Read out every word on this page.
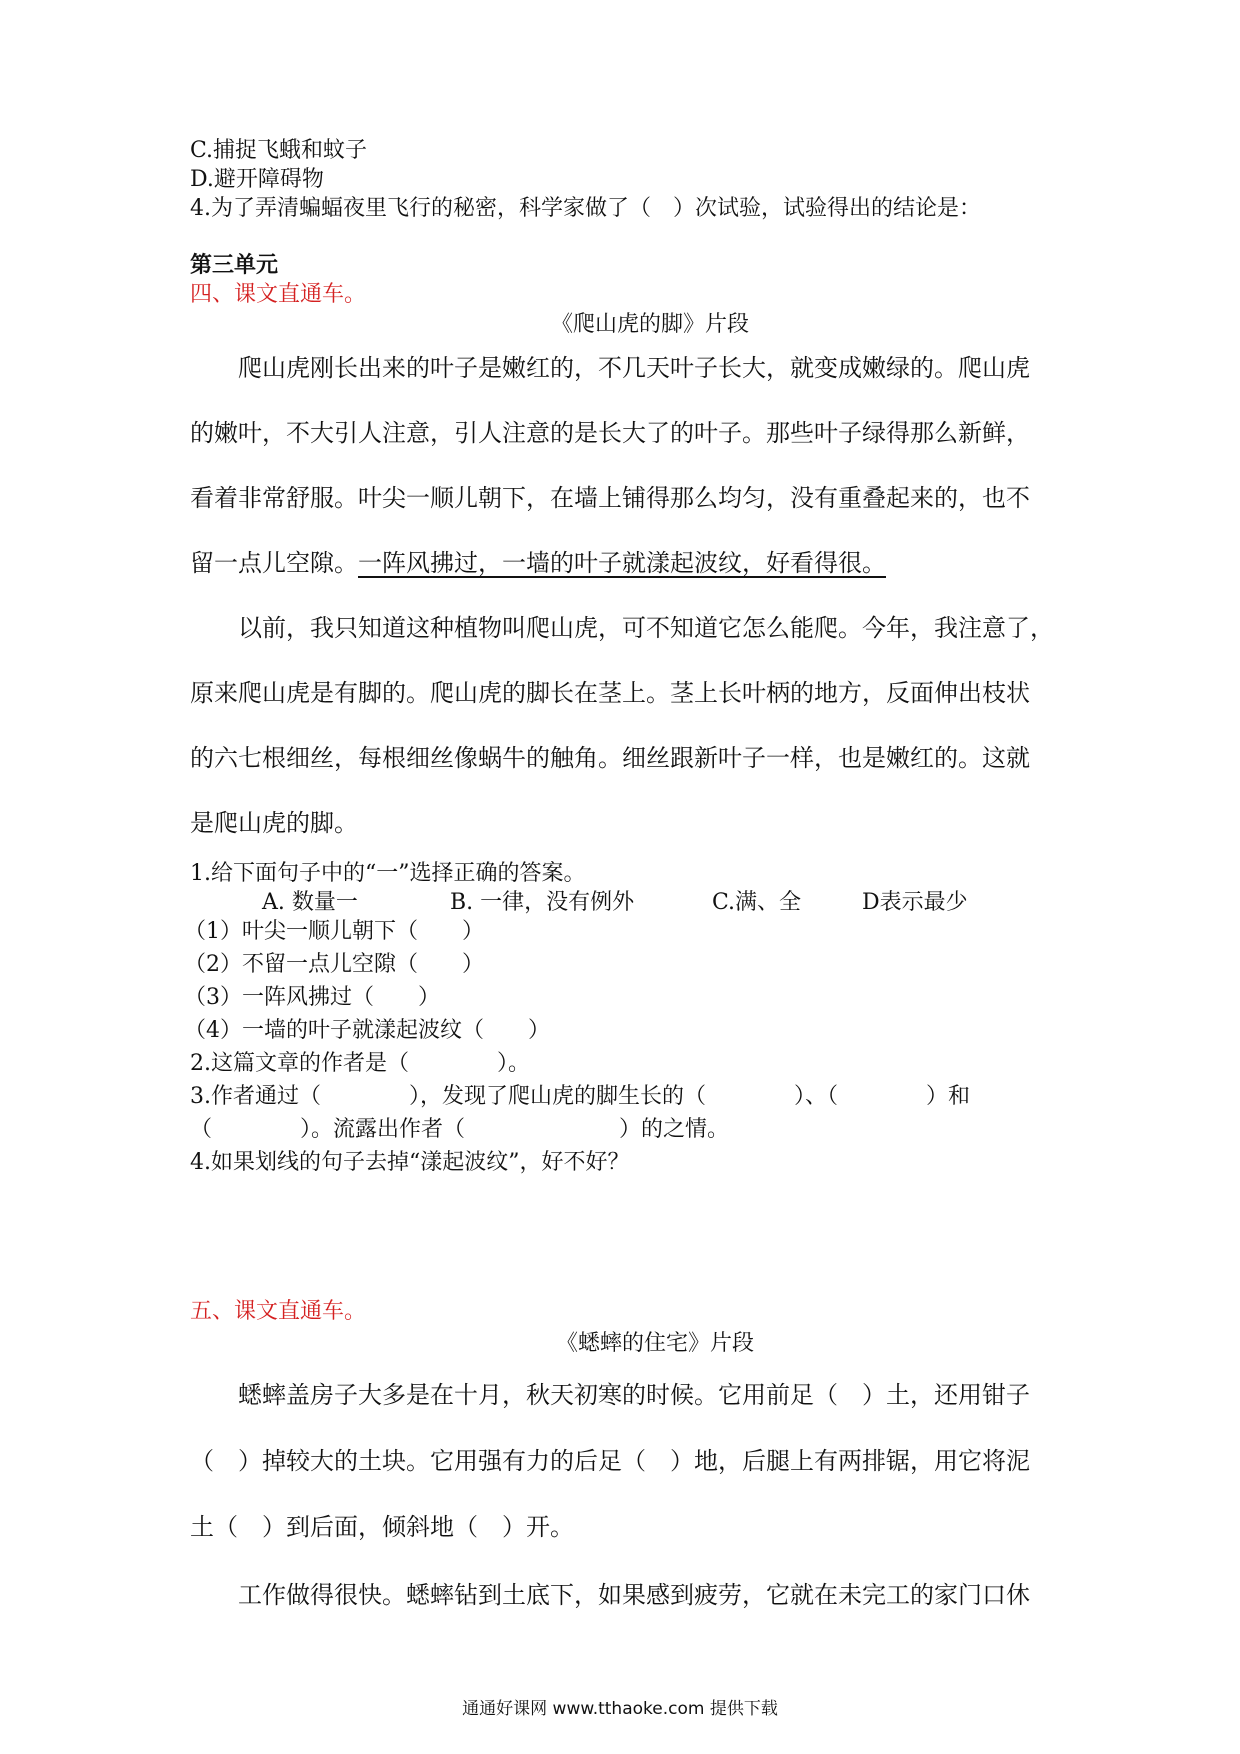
C.捕捉飞蛾和蚊子
D.避开障碍物
4.为了弄清蝙蝠夜里飞行的秘密，科学家做了（　）次试验，试验得出的结论是：
第三单元
四、课文直通车。
《爬山虎的脚》片段
爬山虎刚长出来的叶子是嫩红的，不几天叶子长大，就变成嫩绿的。爬山虎
的嫩叶，不大引人注意，引人注意的是长大了的叶子。那些叶子绿得那么新鲜，
看着非常舒服。叶尖一顺儿朝下，在墙上铺得那么均匀，没有重叠起来的，也不
留一点儿空隙。一阵风拂过，一墙的叶子就漾起波纹，好看得很。
以前，我只知道这种植物叫爬山虎，可不知道它怎么能爬。今年，我注意了，
原来爬山虎是有脚的。爬山虎的脚长在茎上。茎上长叶柄的地方，反面伸出枝状
的六七根细丝，每根细丝像蜗牛的触角。细丝跟新叶子一样，也是嫩红的。这就
是爬山虎的脚。
1.给下面句子中的“一”选择正确的答案。
A. 数量一	B. 一律，没有例外	C.满、全	D表示最少
（1）叶尖一顺儿朝下（　　）
（2）不留一点儿空隙（　　）
（3）一阵风拂过（　　）
（4）一墙的叶子就漾起波纹（　　）
2.这篇文章的作者是（　　　　）。
3.作者通过（　　　　），发现了爬山虎的脚生长的（　　　　）、（　　　　）和
（　　　　）。流露出作者（　　　　　　　）的之情。
4.如果划线的句子去掉“漾起波纹”，好不好？
五、课文直通车。
《蟋蟀的住宅》片段
蟋蟀盖房子大多是在十月，秋天初寒的时候。它用前足（　）土，还用钳子
（　）掉较大的土块。它用强有力的后足（　）地，后腿上有两排锯，用它将泥
土（　）到后面，倾斜地（　）开。
工作做得很快。蟋蟀钻到土底下，如果感到疲劳，它就在未完工的家门口休
通通好课网 www.tthaoke.com 提供下载
